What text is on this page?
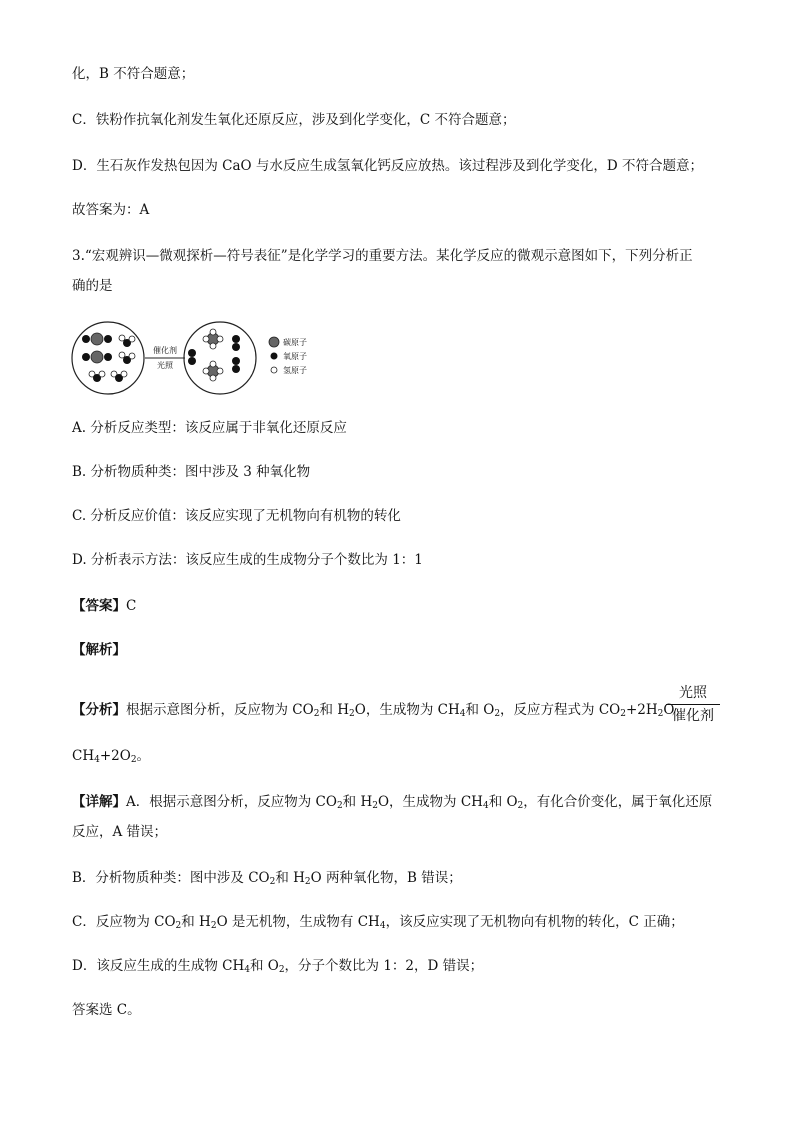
化，B 不符合题意；
C．铁粉作抗氧化剂发生氧化还原反应，涉及到化学变化，C 不符合题意；
D．生石灰作发热包因为 CaO 与水反应生成氢氧化钙反应放热。该过程涉及到化学变化，D 不符合题意；
故答案为：A
3.“宏观辨识—微观探析—符号表征”是化学学习的重要方法。某化学反应的微观示意图如下，下列分析正
确的是
催化剂
光照
碳原子
氧原子
氢原子
A. 分析反应类型：该反应属于非氧化还原反应
B. 分析物质种类：图中涉及 3 种氧化物
C. 分析反应价值：该反应实现了无机物向有机物的转化
D. 分析表示方法：该反应生成的生成物分子个数比为 1：1
【答案】C
【解析】
【分析】根据示意图分析，反应物为 $CO_2$和 $H_2O$，生成物为 $CH_4$和 $O_2$，反应方程式为 $CO_2+2H_2O$
光照
催化剂
$CH_4+2O_2$。
【详解】A．根据示意图分析，反应物为 $CO_2$和 $H_2O$，生成物为 $CH_4$和 $O_2$，有化合价变化，属于氧化还原
反应，A 错误；
B．分析物质种类：图中涉及 $CO_2$和 $H_2O$ 两种氧化物，B 错误；
C．反应物为 $CO_2$和 $H_2O$ 是无机物，生成物有 $CH_4$，该反应实现了无机物向有机物的转化，C 正确；
D．该反应生成的生成物 $CH_4$和 $O_2$，分子个数比为 1：2，D 错误；
答案选 C。
